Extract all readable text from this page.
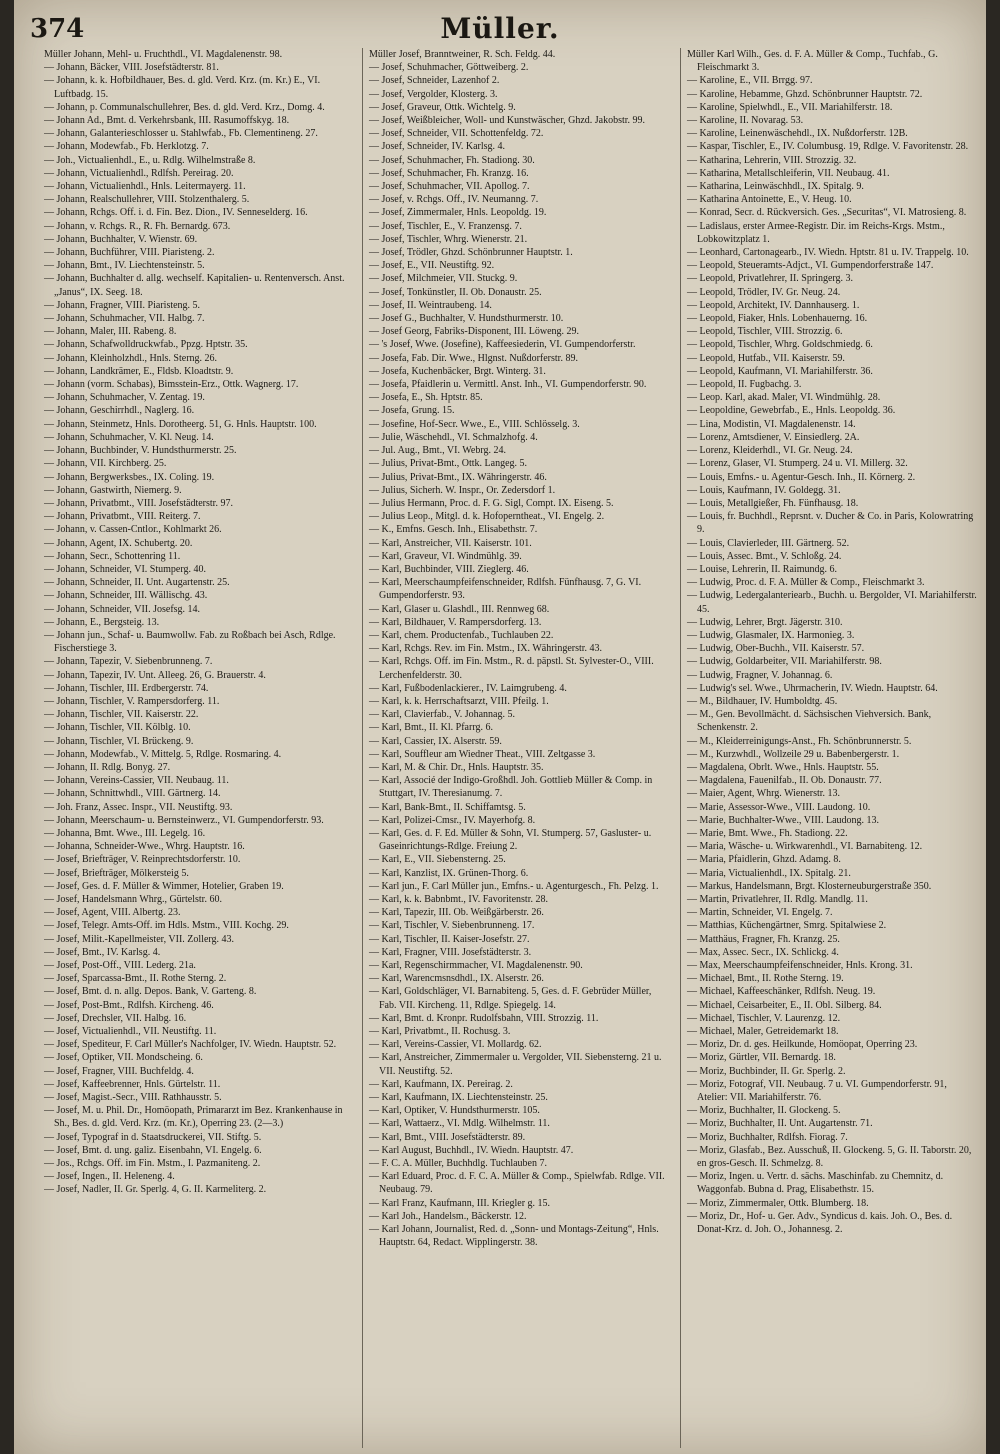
374	Müller.

Müller Johann, Mehl- u. Fruchthdl., VI. Magdalenenstr. 98.

— Johann, Bäcker, VIII. Josefstädterstr. 81.

— Johann, k. k. Hofbildhauer, Bes. d. gld. Verd. Krz. (m. Kr.) E., VI. Luftbadg. 15.

— Johann, p. Communalschullehrer, Bes. d. gld. Verd. Krz., Domg. 4.

— Johann Ad., Bmt. d. Verkehrsbank, III. Rasumoffskyg. 18.

— Johann, Galanterieschlosser u. Stahlwfab., Fb. Clementineng. 27.

— Johann, Modewfab., Fb. Herklotzg. 7.

— Joh., Victualienhdl., E., u. Rdlg. Wilhelmstraße 8.

— Johann, Victualienhdl., Rdlfsh. Pereirag. 20.

— Johann, Victualienhdl., Hnls. Leitermayerg. 11.

— Johann, Realschullehrer, VIII. Stolzenthalerg. 5.

— Johann, Rchgs. Off. i. d. Fin. Bez. Dion., IV. Senneselderg. 16.

— Johann, v. Rchgs. R., R. Fh. Bernardg. 673.

— Johann, Buchhalter, V. Wienstr. 69.

— Johann, Buchführer, VIII. Piaristeng. 2.

— Johann, Bmt., IV. Liechtensteinstr. 5.

— Johann, Buchhalter d. allg. wechself. Kapitalien- u. Rentenversch. Anst. „Janus“, IX. Seeg. 18.

— Johann, Fragner, VIII. Piaristeng. 5.

— Johann, Schuhmacher, VII. Halbg. 7.

— Johann, Maler, III. Rabeng. 8.

— Johann, Schafwolldruckwfab., Ppzg. Hptstr. 35.

— Johann, Kleinholzhdl., Hnls. Sterng. 26.

— Johann, Landkrämer, E., Fldsb. Kloadtstr. 9.

— Johann (vorm. Schabas), Bimsstein-Erz., Ottk. Wagnerg. 17.

— Johann, Schuhmacher, V. Zentag. 19.

— Johann, Geschirrhdl., Naglerg. 16.

— Johann, Steinmetz, Hnls. Dorotheerg. 51, G. Hnls. Hauptstr. 100.

— Johann, Schuhmacher, V. Kl. Neug. 14.

— Johann, Buchbinder, V. Hundsthurmerstr. 25.

— Johann, VII. Kirchberg. 25.

— Johann, Bergwerksbes., IX. Coling. 19.

— Johann, Gastwirth, Niemerg. 9.

— Johann, Privatbmt., VIII. Josefstädterstr. 97.

— Johann, Privatbmt., VIII. Reiterg. 7.

— Johann, v. Cassen-Cntlor., Kohlmarkt 26.

— Johann, Agent, IX. Schubertg. 20.

— Johann, Secr., Schottenring 11.

— Johann, Schneider, VI. Stumperg. 40.

— Johann, Schneider, II. Unt. Augartenstr. 25.

— Johann, Schneider, III. Wällischg. 43.

— Johann, Schneider, VII. Josefsg. 14.

— Johann, E., Bergsteig. 13.

— Johann jun., Schaf- u. Baumwollw. Fab. zu Roßbach bei Asch, Rdlge. Fischerstiege 3.

— Johann, Tapezir, V. Siebenbrunneng. 7.

— Johann, Tapezir, IV. Unt. Alleeg. 26, G. Brauerstr. 4.

— Johann, Tischler, III. Erdbergerstr. 74.

— Johann, Tischler, V. Rampersdorferg. 11.

— Johann, Tischler, VII. Kaiserstr. 22.

— Johann, Tischler, VII. Kölblg. 10.

— Johann, Tischler, VI. Brückeng. 9.

— Johann, Modewfab., V. Mittelg. 5, Rdlge. Rosmaring. 4.

— Johann, II. Rdlg. Bonyg. 27.

— Johann, Vereins-Cassier, VII. Neubaug. 11.

— Johann, Schnittwhdl., VIII. Gärtnerg. 14.

— Joh. Franz, Assec. Inspr., VII. Neustiftg. 93.

— Johann, Meerschaum- u. Bernsteinwerz., VI. Gumpendorferstr. 93.

— Johanna, Bmt. Wwe., III. Legelg. 16.

— Johanna, Schneider-Wwe., Whrg. Hauptstr. 16.

— Josef, Briefträger, V. Reinprechtsdorferstr. 10.

— Josef, Briefträger, Mölkersteig 5.

— Josef, Ges. d. F. Müller & Wimmer, Hotelier, Graben 19.

— Josef, Handelsmann Whrg., Gürtelstr. 60.

— Josef, Agent, VIII. Albertg. 23.

— Josef, Telegr. Amts-Off. im Hdls. Mstm., VIII. Kochg. 29.

— Josef, Milit.-Kapellmeister, VII. Zollerg. 43.

— Josef, Bmt., IV. Karlsg. 4.

— Josef, Post-Off., VIII. Lederg. 21a.

— Josef, Sparcassa-Bmt., II. Rothe Sterng. 2.

— Josef, Bmt. d. n. allg. Depos. Bank, V. Garteng. 8.

— Josef, Post-Bmt., Rdlfsh. Kircheng. 46.

— Josef, Drechsler, VII. Halbg. 16.

— Josef, Victualienhdl., VII. Neustiftg. 11.

— Josef, Spediteur, F. Carl Müller's Nachfolger, IV. Wiedn. Hauptstr. 52.

— Josef, Optiker, VII. Mondscheing. 6.

— Josef, Fragner, VIII. Buchfeldg. 4.

— Josef, Kaffeebrenner, Hnls. Gürtelstr. 11.

— Josef, Magist.-Secr., VIII. Rathhausstr. 5.

— Josef, M. u. Phil. Dr., Homöopath, Primararzt im Bez. Krankenhause in Sh., Bes. d. gld. Verd. Krz. (m. Kr.), Operring 23. (2—3.)

— Josef, Typograf in d. Staatsdruckerei, VII. Stiftg. 5.

— Josef, Bmt. d. ung. galiz. Eisenbahn, VI. Engelg. 6.

— Jos., Rchgs. Off. im Fin. Mstm., I. Pazmaniteng. 2.

— Josef, Ingen., II. Heleneng. 4.

— Josef, Nadler, II. Gr. Sperlg. 4, G. II. Karmeliterg. 2.

Müller Josef, Branntweiner, R. Sch. Feldg. 44.

— Josef, Schuhmacher, Göttweiberg. 2.

— Josef, Schneider, Lazenhof 2.

— Josef, Vergolder, Klosterg. 3.

— Josef, Graveur, Ottk. Wichtelg. 9.

— Josef, Weißbleicher, Woll- und Kunstwäscher, Ghzd. Jakobstr. 99.

— Josef, Schneider, VII. Schottenfeldg. 72.

— Josef, Schneider, IV. Karlsg. 4.

— Josef, Schuhmacher, Fh. Stadiong. 30.

— Josef, Schuhmacher, Fh. Kranzg. 16.

— Josef, Schuhmacher, VII. Apollog. 7.

— Josef, v. Rchgs. Off., IV. Neumanng. 7.

— Josef, Zimmermaler, Hnls. Leopoldg. 19.

— Josef, Tischler, E., V. Franzensg. 7.

— Josef, Tischler, Whrg. Wienerstr. 21.

— Josef, Trödler, Ghzd. Schönbrunner Hauptstr. 1.

— Josef, E., VII. Neustiftg. 92.

— Josef, Milchmeier, VII. Stuckg. 9.

— Josef, Tonkünstler, II. Ob. Donaustr. 25.

— Josef, II. Weintraubeng. 14.

— Josef G., Buchhalter, V. Hundsthurmerstr. 10.

— Josef Georg, Fabriks-Disponent, III. Löweng. 29.

— 's Josef, Wwe. (Josefine), Kaffeesiederin, VI. Gumpendorferstr.

— Josefa, Fab. Dir. Wwe., Hlgnst. Nußdorferstr. 89.

— Josefa, Kuchenbäcker, Brgt. Winterg. 31.

— Josefa, Pfaidlerin u. Vermittl. Anst. Inh., VI. Gumpendorferstr. 90.

— Josefa, E., Sh. Hptstr. 85.

— Josefa, Grung. 15.

— Josefine, Hof-Secr. Wwe., E., VIII. Schlösselg. 3.

— Julie, Wäschehdl., VI. Schmalzhofg. 4.

— Jul. Aug., Bmt., VI. Webrg. 24.

— Julius, Privat-Bmt., Ottk. Langeg. 5.

— Julius, Privat-Bmt., IX. Währingerstr. 46.

— Julius, Sicherh. W. Inspr., Or. Zedersdorf 1.

— Julius Hermann, Proc. d. F. G. Sigl, Compt. IX. Eiseng. 5.

— Julius Leop., Mitgl. d. k. Hofoperntheat., VI. Engelg. 2.

— K., Emfns. Gesch. Inh., Elisabethstr. 7.

— Karl, Anstreicher, VII. Kaiserstr. 101.

— Karl, Graveur, VI. Windmühlg. 39.

— Karl, Buchbinder, VIII. Zieglerg. 46.

— Karl, Meerschaumpfeifenschneider, Rdlfsh. Fünfhausg. 7, G. VI. Gumpendorferstr. 93.

— Karl, Glaser u. Glashdl., III. Rennweg 68.

— Karl, Bildhauer, V. Rampersdorferg. 13.

— Karl, chem. Productenfab., Tuchlauben 22.

— Karl, Rchgs. Rev. im Fin. Mstm., IX. Währingerstr. 43.

— Karl, Rchgs. Off. im Fin. Mstm., R. d. päpstl. St. Sylvester-O., VIII. Lerchenfelderstr. 30.

— Karl, Fußbodenlackierer., IV. Laimgrubeng. 4.

— Karl, k. k. Herrschaftsarzt, VIII. Pfeilg. 1.

— Karl, Clavierfab., V. Johannag. 5.

— Karl, Bmt., II. Kl. Pfarrg. 6.

— Karl, Cassier, IX. Alserstr. 59.

— Karl, Souffleur am Wiedner Theat., VIII. Zeltgasse 3.

— Karl, M. & Chir. Dr., Hnls. Hauptstr. 35.

— Karl, Associé der Indigo-Großhdl. Joh. Gottlieb Müller & Comp. in Stuttgart, IV. Theresianumg. 7.

— Karl, Bank-Bmt., II. Schiffamtsg. 5.

— Karl, Polizei-Cmsr., IV. Mayerhofg. 8.

— Karl, Ges. d. F. Ed. Müller & Sohn, VI. Stumperg. 57, Gasluster- u. Gaseinrichtungs-Rdlge. Freiung 2.

— Karl, E., VII. Siebensterng. 25.

— Karl, Kanzlist, IX. Grünen-Thorg. 6.

— Karl jun., F. Carl Müller jun., Emfns.- u. Agenturgesch., Fh. Pelzg. 1.

— Karl, k. k. Babnbmt., IV. Favoritenstr. 28.

— Karl, Tapezir, III. Ob. Weißgärberstr. 26.

— Karl, Tischler, V. Siebenbrunneng. 17.

— Karl, Tischler, II. Kaiser-Josefstr. 27.

— Karl, Fragner, VIII. Josefstädterstr. 3.

— Karl, Regenschirmmacher, VI. Magdalenenstr. 90.

— Karl, Warencmsnsdhdl., IX. Alserstr. 26.

— Karl, Goldschläger, VI. Barnabiteng. 5, Ges. d. F. Gebrüder Müller, Fab. VII. Kircheng. 11, Rdlge. Spiegelg. 14.

— Karl, Bmt. d. Kronpr. Rudolfsbahn, VIII. Strozzig. 11.

— Karl, Privatbmt., II. Rochusg. 3.

— Karl, Vereins-Cassier, VI. Mollardg. 62.

— Karl, Anstreicher, Zimmermaler u. Vergolder, VII. Siebensterng. 21 u. VII. Neustiftg. 52.

— Karl, Kaufmann, IX. Pereirag. 2.

— Karl, Kaufmann, IX. Liechtensteinstr. 25.

— Karl, Optiker, V. Hundsthurmerstr. 105.

— Karl, Wattaerz., VI. Mdlg. Wilhelmstr. 11.

— Karl, Bmt., VIII. Josefstädterstr. 89.

— Karl August, Buchhdl., IV. Wiedn. Hauptstr. 47.

— F. C. A. Müller, Buchhdlg. Tuchlauben 7.

— Karl Eduard, Proc. d. F. C. A. Müller & Comp., Spielwfab. Rdlge. VII. Neubaug. 79.

— Karl Franz, Kaufmann, III. Kriegler g. 15.

— Karl Joh., Handelsm., Bäckerstr. 12.

— Karl Johann, Journalist, Red. d. „Sonn- und Montags-Zeitung“, Hnls. Hauptstr. 64, Redact. Wipplingerstr. 38.

Müller Karl Wilh., Ges. d. F. A. Müller & Comp., Tuchfab., G. Fleischmarkt 3.

— Karoline, E., VII. Brrgg. 97.

— Karoline, Hebamme, Ghzd. Schönbrunner Hauptstr. 72.

— Karoline, Spielwhdl., E., VII. Mariahilferstr. 18.

— Karoline, II. Novarag. 53.

— Karoline, Leinenwäschehdl., IX. Nußdorferstr. 12B.

— Kaspar, Tischler, E., IV. Columbusg. 19, Rdlge. V. Favoritenstr. 28.

— Katharina, Lehrerin, VIII. Strozzig. 32.

— Katharina, Metallschleiferin, VII. Neubaug. 41.

— Katharina, Leinwäschhdl., IX. Spitalg. 9.

— Katharina Antoinette, E., V. Heug. 10.

— Konrad, Secr. d. Rückversich. Ges. „Securitas“, VI. Matrosieng. 8.

— Ladislaus, erster Armee-Registr. Dir. im Reichs-Krgs. Mstm., Lobkowitzplatz 1.

— Leonhard, Cartonagearb., IV. Wiedn. Hptstr. 81 u. IV. Trappelg. 10.

— Leopold, Steueramts-Adjct., VI. Gumpendorferstraße 147.

— Leopold, Privatlehrer, II. Springerg. 3.

— Leopold, Trödler, IV. Gr. Neug. 24.

— Leopold, Architekt, IV. Dannhauserg. 1.

— Leopold, Fiaker, Hnls. Lobenhauerng. 16.

— Leopold, Tischler, VIII. Strozzig. 6.

— Leopold, Tischler, Whrg. Goldschmiedg. 6.

— Leopold, Hutfab., VII. Kaiserstr. 59.

— Leopold, Kaufmann, VI. Mariahilferstr. 36.

— Leopold, II. Fugbachg. 3.

— Leop. Karl, akad. Maler, VI. Windmühlg. 28.

— Leopoldine, Gewebrfab., E., Hnls. Leopoldg. 36.

— Lina, Modistin, VI. Magdalenenstr. 14.

— Lorenz, Amtsdiener, V. Einsiedlerg. 2A.

— Lorenz, Kleiderhdl., VI. Gr. Neug. 24.

— Lorenz, Glaser, VI. Stumperg. 24 u. VI. Millerg. 32.

— Louis, Emfns.- u. Agentur-Gesch. Inh., II. Körnerg. 2.

— Louis, Kaufmann, IV. Goldegg. 31.

— Louis, Metallgießer, Fh. Fünfhausg. 18.

— Louis, fr. Buchhdl., Reprsnt. v. Ducher & Co. in Paris, Kolowratring 9.

— Louis, Clavierleder, III. Gärtnerg. 52.

— Louis, Assec. Bmt., V. Schloßg. 24.

— Louise, Lehrerin, II. Raimundg. 6.

— Ludwig, Proc. d. F. A. Müller & Comp., Fleischmarkt 3.

— Ludwig, Ledergalanteriearb., Buchh. u. Bergolder, VI. Mariahilferstr. 45.

— Ludwig, Lehrer, Brgt. Jägerstr. 310.

— Ludwig, Glasmaler, IX. Harmonieg. 3.

— Ludwig, Ober-Buchh., VII. Kaiserstr. 57.

— Ludwig, Goldarbeiter, VII. Mariahilferstr. 98.

— Ludwig, Fragner, V. Johannag. 6.

— Ludwig's sel. Wwe., Uhrmacherin, IV. Wiedn. Hauptstr. 64.

— M., Bildhauer, IV. Humboldtg. 45.

— M., Gen. Bevollmächt. d. Sächsischen Viehversich. Bank, Schenkenstr. 2.

— M., Kleiderreinigungs-Anst., Fh. Schönbrunnerstr. 5.

— M., Kurzwhdl., Wollzeile 29 u. Babenbergerstr. 1.

— Magdalena, Obrlt. Wwe., Hnls. Hauptstr. 55.

— Magdalena, Fauenilfab., II. Ob. Donaustr. 77.

— Maier, Agent, Whrg. Wienerstr. 13.

— Marie, Assessor-Wwe., VIII. Laudong. 10.

— Marie, Buchhalter-Wwe., VIII. Laudong. 13.

— Marie, Bmt. Wwe., Fh. Stadiong. 22.

— Maria, Wäsche- u. Wirkwarenhdl., VI. Barnabiteng. 12.

— Maria, Pfaidlerin, Ghzd. Adamg. 8.

— Maria, Victualienhdl., IX. Spitalg. 21.

— Markus, Handelsmann, Brgt. Klosterneuburgerstraße 350.

— Martin, Privatlehrer, II. Rdlg. Mandlg. 11.

— Martin, Schneider, VI. Engelg. 7.

— Matthias, Küchengärtner, Smrg. Spitalwiese 2.

— Matthäus, Fragner, Fh. Kranzg. 25.

— Max, Assec. Secr., IX. Schlickg. 4.

— Max, Meerschaumpfeifenschneider, Hnls. Krong. 31.

— Michael, Bmt., II. Rothe Sterng. 19.

— Michael, Kaffeeschänker, Rdlfsh. Neug. 19.

— Michael, Ceisarbeiter, E., II. Obl. Silberg. 84.

— Michael, Tischler, V. Laurenzg. 12.

— Michael, Maler, Getreidemarkt 18.

— Moriz, Dr. d. ges. Heilkunde, Homöopat, Operring 23.

— Moriz, Gürtler, VII. Bernardg. 18.

— Moriz, Buchbinder, II. Gr. Sperlg. 2.

— Moriz, Fotograf, VII. Neubaug. 7 u. VI. Gumpendorferstr. 91, Atelier: VII. Mariahilferstr. 76.

— Moriz, Buchhalter, II. Glockeng. 5.

— Moriz, Buchhalter, II. Unt. Augartenstr. 71.

— Moriz, Buchhalter, Rdlfsh. Fiorag. 7.

— Moriz, Glasfab., Bez. Ausschuß, II. Glockeng. 5, G. II. Taborstr. 20, en gros-Gesch. II. Schmelzg. 8.

— Moriz, Ingen. u. Vertr. d. sächs. Maschinfab. zu Chemnitz, d. Waggonfab. Bubna d. Prag, Elisabethstr. 15.

— Moriz, Zimmermaler, Ottk. Blumberg. 18.

— Moriz, Dr., Hof- u. Ger. Adv., Syndicus d. kais. Joh. O., Bes. d. Donat-Krz. d. Joh. O., Johannesg. 2.
